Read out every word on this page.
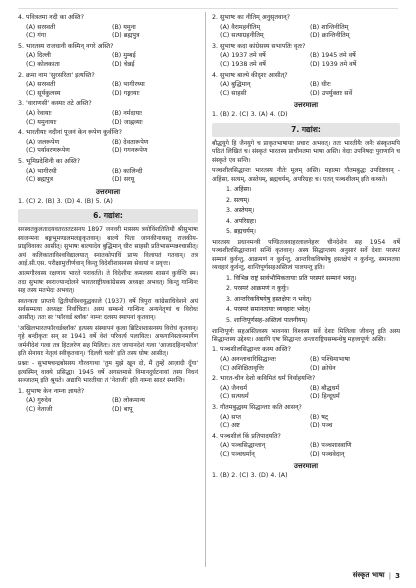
4. पवित्रतमा नदी का अस्ति?
(A) सरस्वती	(B) यमुना
(C) गंगा	(D) ब्रह्मपुत्र
5. भारतस्य राजधानी कस्मिन् नगरे अस्ति?
(A) दिल्ली	(B) मुम्बई
(C) कोलकाता	(D) चेन्नई
2. क्रमा नाम 'सुरसरिता' इत्यस्ति?
(A) सरस्वती	(B) भागीरथ्या
(C) सूर्यकुलस्य	(D) गङ्गायाः
3. 'वाराणसी' कस्याः तटे अस्ति?
(A) रेवायाः	(B) नर्मदायाः
(C) यमुनायाः	(D) जाह्नव्याः
4. भारतीयाः नदीनां पूजनं केन रूपेण कुर्वन्ति?
(A) जलरूपेण	(B) देवतारूपेण
(C) पर्यावरणरूपेण	(D) गगनरूपेण
5. भूमिप्रदेशिनी का अस्ति?
(A) भागीरथी	(B) कालिन्दी
(C) ब्रह्मपुत्र	(D) सरयू
उत्तरमाला
1. (C) 2. (B) 3. (D) 4. (B) 5. (A)
6. गद्यांश:
सरस्वतकुलतादयवतरततटसनय 1897 जनवरी मासस्य त्रयोविंशतितिथौ श्रीसुभाषः स्वजन्मना बङ्गभूमण्डलमलङ्कृतवान्। बाल्ये पिता जानकीनाथस्तु राजकीय-प्राड्विवाकः आसीत्। सुभाषः बाल्यादेव बुद्धिमान् धीरः साहसी प्रतिभासम्पन्नश्चासीत्। अयं कलिकाताविश्वविद्यालयात् स्नातकोपाधिं प्राप्य विलायतं गतवान्। तत्र आई.सी.एस. परीक्षामुत्तीर्णवान् किन्तु विदेशीशासनस्य सेवायां न प्रवृत्तः।
आत्मगौरवस्य रक्षणाय भारते परावर्तते। ते विदेशीयः कमलस्य शासनं कुर्वन्ति स्म। तदा सुभाषः स्वराज्यान्दोलने भारतराष्ट्रीयकांग्रेसस्य अध्यक्षः अभवत्। किन्तु गान्धिनः सह तस्य मतभेदः अभवत्।
स्वतन्त्रता प्राप्तये द्वितीयविश्वयुद्धकाले (1937) वर्षे त्रिपुरा कांग्रेसाधिवेशने अयं सर्वसम्मत्या अध्यक्षः निर्वाचितः। अस्य सम्बन्धे गान्धिनः अन्यनेतृणां च विरोधः आसीत्। ततः सः 'फॉरवर्ड ब्लॉक' नाम्नः दलस्य स्थापनां कृतवान्।
'अखिलभारतफॉरवर्डब्लॉक' इत्यस्य संस्थापनं कृत्वा ब्रिटिशशासनस्य विरोधं कृतवान्। गृहे बन्दीकृतः सन् सः 1941 वर्षे वेशं परिवर्त्य पलायितः। अफगानिस्तानमार्गेण जर्मनीदेशं गत्वा तत्र हिटलरेण सह मिलितः। ततः जापानदेशं गत्वा 'आजादहिन्दफौज' इति सेनायाः नेतृत्वं स्वीकृतवान्। 'दिल्ली चलो' इति तस्य घोषः आसीत्।
प्रश्नाः - सुभाषचन्द्रबोसस्य गौरवगाथा 'तुम मुझे खून दो, मैं तुम्हें आज़ादी दूँगा' इत्यस्मिन् वाक्ये प्रसिद्धा। 1945 वर्षे अगस्तमासे विमानदुर्घटनायां तस्य निधनं सञ्जातम् इति श्रूयते। अद्यापि भारतीयाः तं 'नेताजी' इति नाम्ना सादरं स्मरन्ति।
1. सुभाषः केन नाम्ना ज्ञायते?
(A) गुरुदेव	(B) लोकमान्य
(C) नेताजी	(D) बापू
2. सुभाषः का नीतिम् अनुसृतवान्?
(A) वैरामहनीतिम्	(B) शान्तिनीतिम्
(C) सत्याग्रहनीतिम्	(D) क्रान्तिनीतिम्
3. सुभाषः कदा कांग्रेसस्य सभापतिः वृतः?
(A) 1937 तमे वर्षे	(B) 1945 तमे वर्षे
(C) 1938 तमे वर्षे	(D) 1939 तमे वर्षे
4. सुभाषः बाल्ये कीदृशः आसीत्?
(A) बुद्धिमान्	(B) धीरः
(C) साहसी	(D) उपर्युक्ताः सर्वे
उत्तरमाला
1. (B) 2. (C) 3. (A) 4. (D)
7. गद्यांश:
बौद्धयुगे हि जैनयुगे च प्राकृतभाषायाः प्रचारः अभवत्। ततः भारतीयैः जनैः संस्कृतमपि पठितं लिखितं च। संस्कृतं भारतस्य प्राचीनतमा भाषा अस्ति। वेदाः उपनिषदः पुराणानि च संस्कृते एव सन्ति।
पञ्चशीलसिद्धान्तः भारतस्य नीतेः मूलम् अस्ति। महात्मा गौतमबुद्धः उपदिष्टवान् - अहिंसा, सत्यम्, अस्तेयम्, ब्रह्मचर्यम्, अपरिग्रहः च। एतत् पञ्चशीलम् इति कथ्यते।
1. अहिंसा।
2. सत्यम्।
3. अस्तेयम्।
4. अपरिग्रहः।
5. ब्रह्मचर्यम्।
भारतस्य प्रधानमन्त्री पण्डितजवाहरलालनेहरुः चीनदेशेन सह 1954 वर्षे पञ्चशीलसिद्धान्तानां सन्धिं कृतवान्। अस्य सिद्धान्तस्य अनुसारं सर्वे देशाः परस्परं सम्मानं कुर्वन्तु, आक्रमणं न कुर्वन्तु, आन्तरिकविषयेषु हस्तक्षेपं न कुर्वन्तु, समानतया व्यवहारं कुर्वन्तु, शान्तिपूर्णसहअस्तित्वं पालयन्तु इति।
1. विभिन्न राष्ट्रं सार्वभौमिकतायाः प्रति परस्परं सम्मानं भवतु।
2. परस्परं आक्रमणं न कुर्युः।
3. आन्तरिकविषयेषु हस्तक्षेपः न भवेत्।
4. परस्परं समानतायाः व्यवहारः भवेत्।
5. शान्तिपूर्णसह-अस्तित्वं पालनीयम्।
शान्तिपूर्णः सहअस्तित्वस्य भावनया विश्वस्य सर्वे देशाः मिलित्वा जीवन्तु इति अस्य सिद्धान्तस्य उद्देश्यः। अद्यापि एषः सिद्धान्तः अन्ताराष्ट्रियसम्बन्धेषु महत्त्वपूर्णः अस्ति।
1. पञ्चशीलसिद्धान्तः कस्य अस्ति?
(A) अनन्ताचारिसिद्धान्तः	(B) पश्चिमाभाषा
(C) अशिक्षितावृत्तिः	(D) क्रोधेन
2. भारत-चीन देशो कविमितं धर्मं निर्वाहयन्ति?
(A) जैनधर्मं	(B) बौद्धधर्मं
(C) सत्यधर्मं	(D) हिन्दूधर्मं
3. गौतमबुद्धस्य सिद्धान्ताः कति आसन्?
(A) सप्त	(B) षट्
(C) अष्ट	(D) पञ्च
4. पञ्चशीलं किं प्रतिपादयति?
(A) पञ्चसिद्धान्तान्	(B) पञ्चशास्त्राणि
(C) पञ्चधर्मान्	(D) पञ्चवेदान्
उत्तरमाला
1. (B) 2. (C) 3. (D) 4. (A)
संस्कृत भाषा | 3
